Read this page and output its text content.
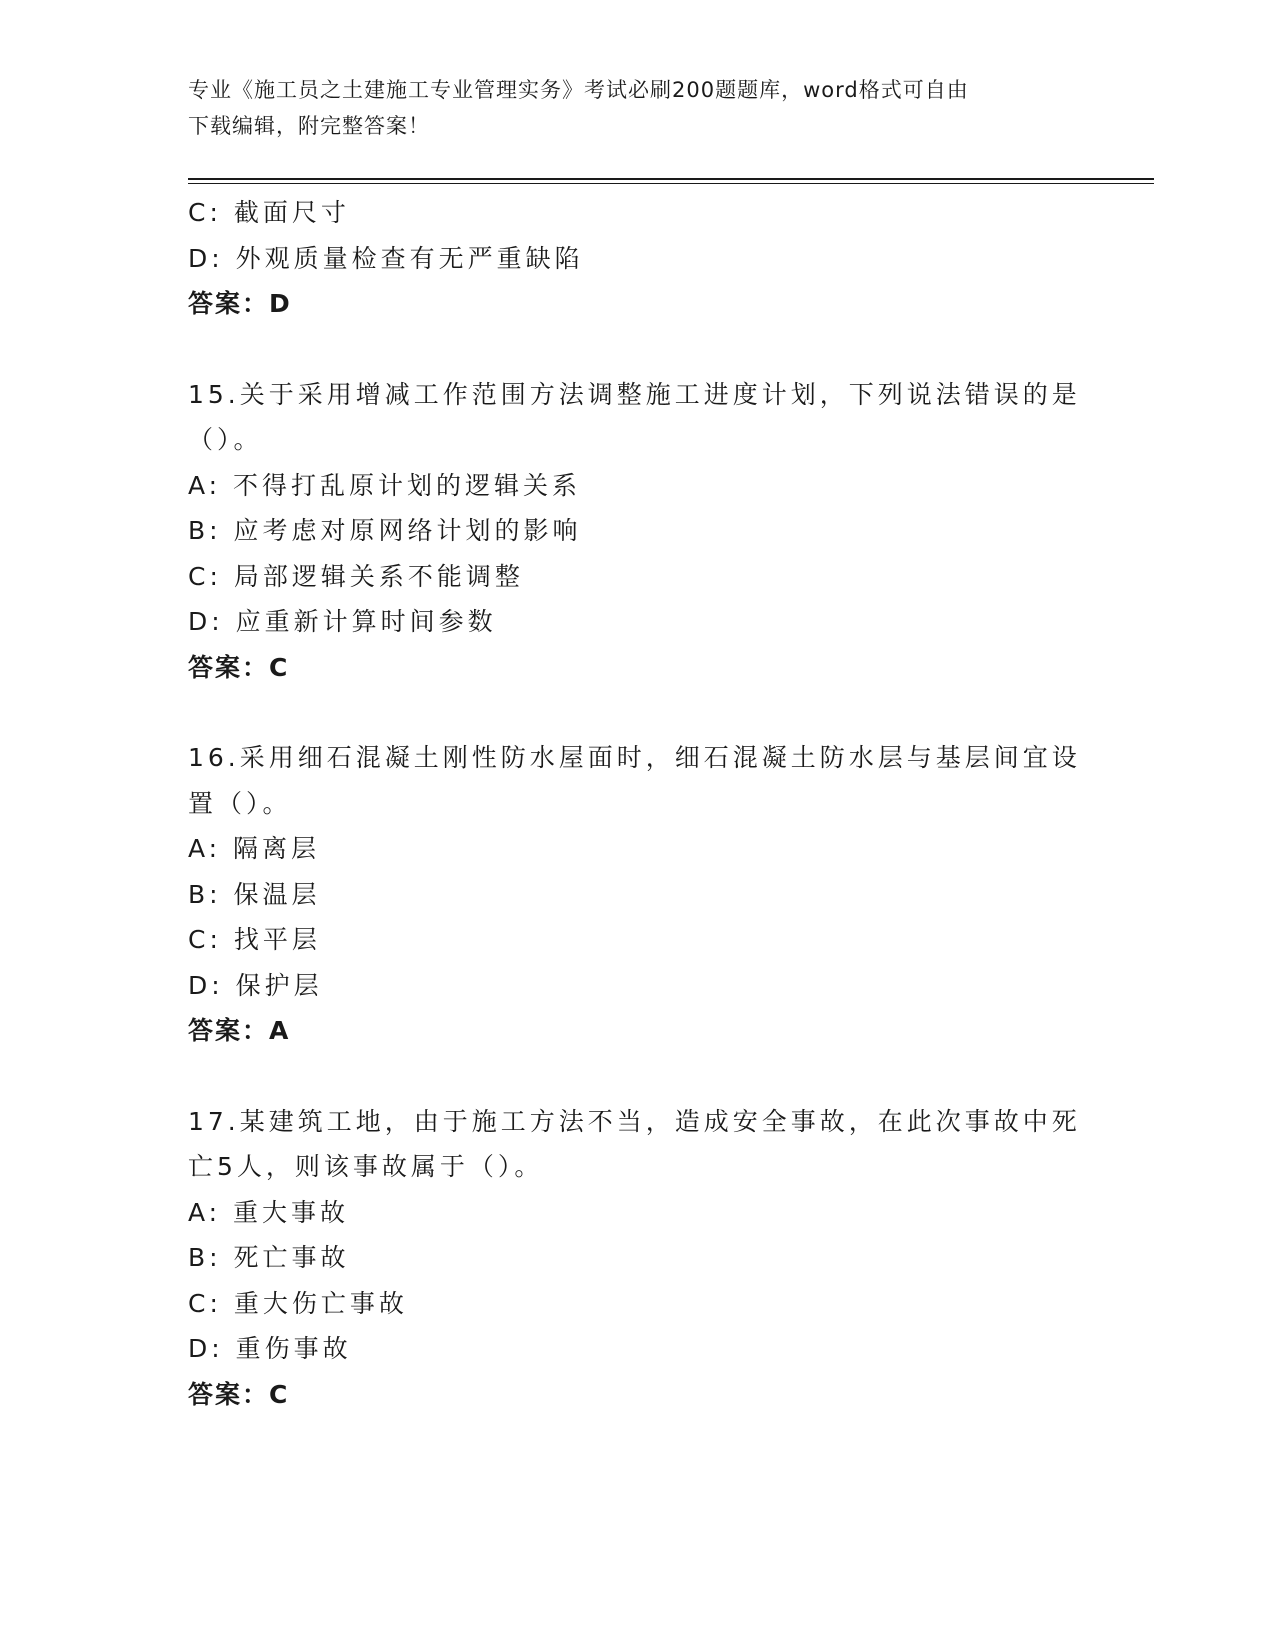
专业《施工员之土建施工专业管理实务》考试必刷200题题库，word格式可自由
下载编辑，附完整答案！
C: 截面尺寸
D: 外观质量检查有无严重缺陷
答案：D
15.关于采用增减工作范围方法调整施工进度计划，下列说法错误的是
（）。
A: 不得打乱原计划的逻辑关系
B: 应考虑对原网络计划的影响
C: 局部逻辑关系不能调整
D: 应重新计算时间参数
答案：C
16.采用细石混凝土刚性防水屋面时，细石混凝土防水层与基层间宜设
置（）。
A: 隔离层
B: 保温层
C: 找平层
D: 保护层
答案：A
17.某建筑工地，由于施工方法不当，造成安全事故，在此次事故中死
亡5人，则该事故属于（）。
A: 重大事故
B: 死亡事故
C: 重大伤亡事故
D: 重伤事故
答案：C
